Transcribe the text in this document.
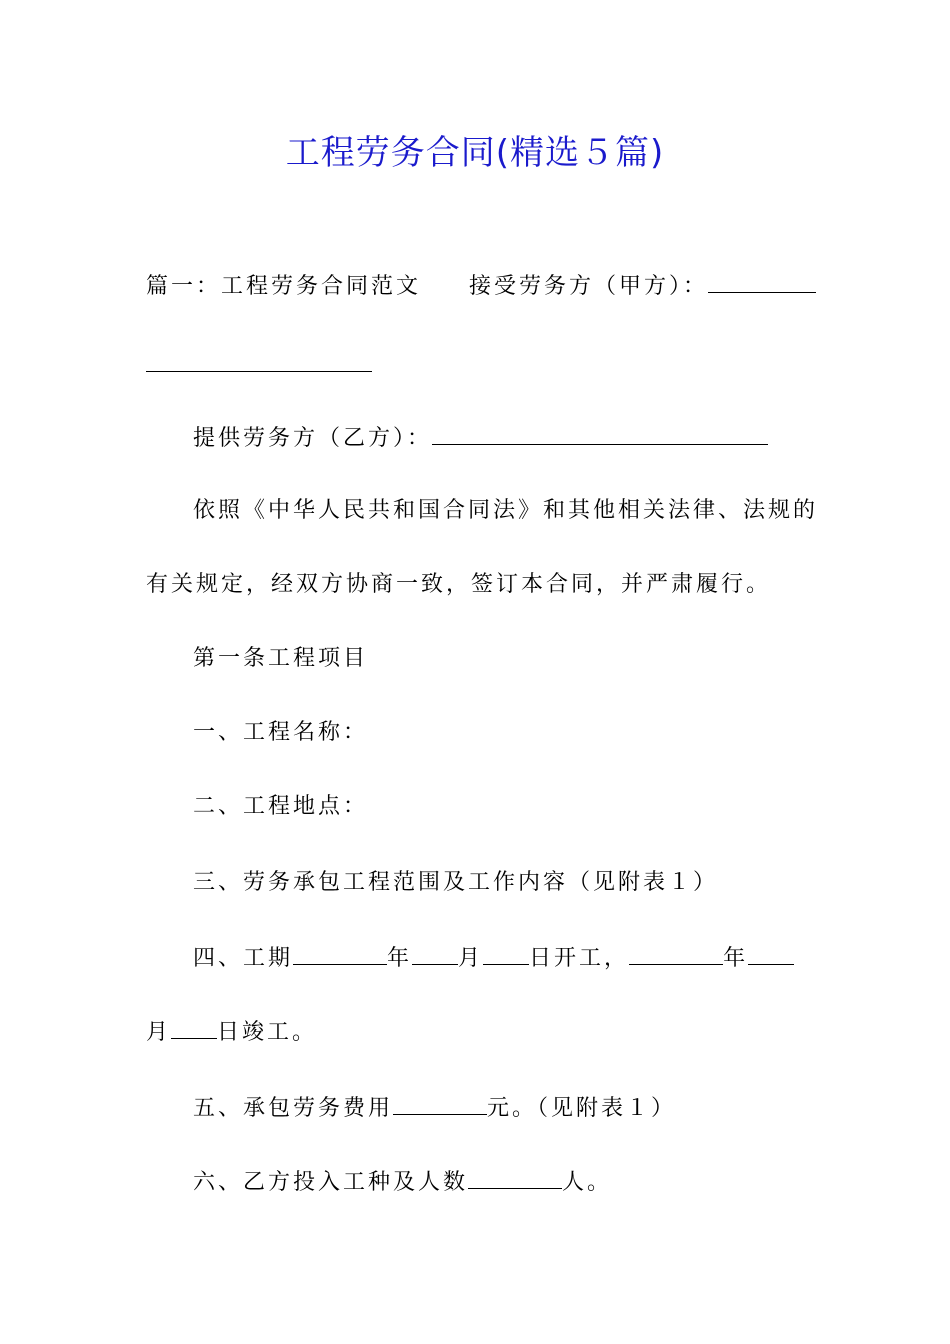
工程劳务合同(精选５篇)
篇一：工程劳务合同范文 接受劳务方（甲方）：
提供劳务方（乙方）：
依照《中华人民共和国合同法》和其他相关法律、法规的
有关规定，经双方协商一致，签订本合同，并严肃履行。
第一条工程项目
一、工程名称：
二、工程地点：
三、劳务承包工程范围及工作内容（见附表１）
四、工期	年 月 日开工，	年
月 日竣工。
五、承包劳务费用	元。（见附表１）
六、乙方投入工种及人数	人。
